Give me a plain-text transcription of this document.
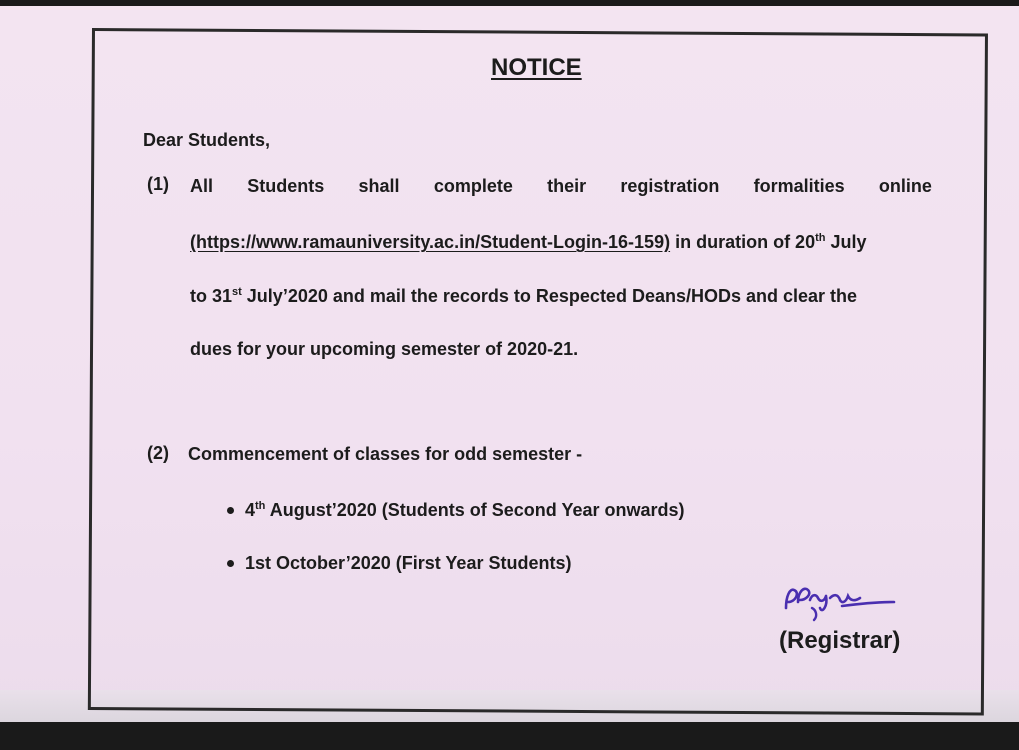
NOTICE
Dear Students,
(1) All Students shall complete their registration formalities online
(https://www.ramauniversity.ac.in/Student-Login-16-159) in duration of 20th July
to 31st July’2020 and mail the records to Respected Deans/HODs and clear the
dues for your upcoming semester of 2020-21.
(2) Commencement of classes for odd semester -
4th August’2020 (Students of Second Year onwards)
1st October’2020 (First Year Students)
(Registrar)
